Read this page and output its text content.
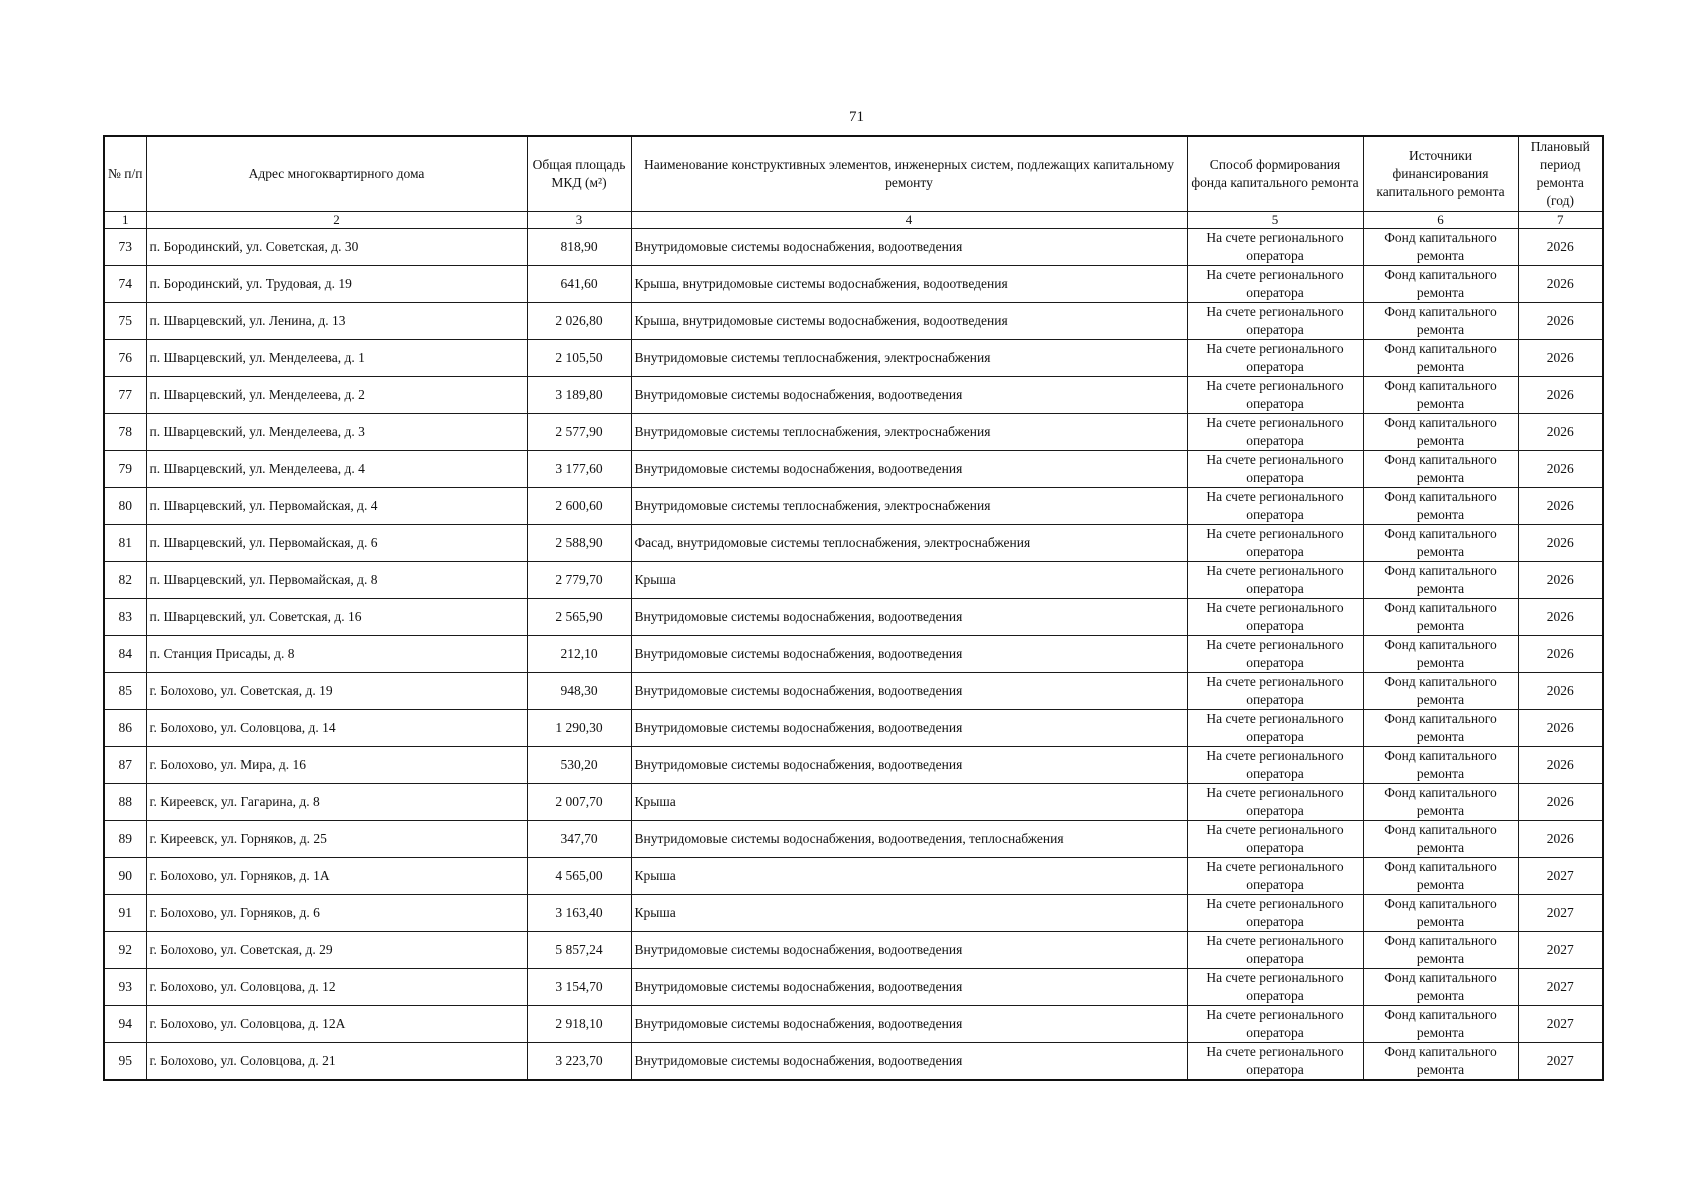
71
№ п/п	Адрес многоквартирного дома	Общая площадь МКД (м²)	Наименование конструктивных элементов, инженерных систем, подлежащих капитальному ремонту	Способ формирования фонда капитального ремонта	Источники финансирования капитального ремонта	Плановый период ремонта (год)
1	2	3	4	5	6	7
73	п. Бородинский, ул. Советская, д. 30	818,90	Внутридомовые системы водоснабжения, водоотведения	На счете регионального оператора	Фонд капитального ремонта	2026
74	п. Бородинский, ул. Трудовая, д. 19	641,60	Крыша, внутридомовые системы водоснабжения, водоотведения	На счете регионального оператора	Фонд капитального ремонта	2026
75	п. Шварцевский, ул. Ленина, д. 13	2 026,80	Крыша, внутридомовые системы водоснабжения, водоотведения	На счете регионального оператора	Фонд капитального ремонта	2026
76	п. Шварцевский, ул. Менделеева, д. 1	2 105,50	Внутридомовые системы теплоснабжения, электроснабжения	На счете регионального оператора	Фонд капитального ремонта	2026
77	п. Шварцевский, ул. Менделеева, д. 2	3 189,80	Внутридомовые системы водоснабжения, водоотведения	На счете регионального оператора	Фонд капитального ремонта	2026
78	п. Шварцевский, ул. Менделеева, д. 3	2 577,90	Внутридомовые системы теплоснабжения, электроснабжения	На счете регионального оператора	Фонд капитального ремонта	2026
79	п. Шварцевский, ул. Менделеева, д. 4	3 177,60	Внутридомовые системы водоснабжения, водоотведения	На счете регионального оператора	Фонд капитального ремонта	2026
80	п. Шварцевский, ул. Первомайская, д. 4	2 600,60	Внутридомовые системы теплоснабжения, электроснабжения	На счете регионального оператора	Фонд капитального ремонта	2026
81	п. Шварцевский, ул. Первомайская, д. 6	2 588,90	Фасад, внутридомовые системы теплоснабжения, электроснабжения	На счете регионального оператора	Фонд капитального ремонта	2026
82	п. Шварцевский, ул. Первомайская, д. 8	2 779,70	Крыша	На счете регионального оператора	Фонд капитального ремонта	2026
83	п. Шварцевский, ул. Советская, д. 16	2 565,90	Внутридомовые системы водоснабжения, водоотведения	На счете регионального оператора	Фонд капитального ремонта	2026
84	п. Станция Присады, д. 8	212,10	Внутридомовые системы водоснабжения, водоотведения	На счете регионального оператора	Фонд капитального ремонта	2026
85	г. Болохово, ул. Советская, д. 19	948,30	Внутридомовые системы водоснабжения, водоотведения	На счете регионального оператора	Фонд капитального ремонта	2026
86	г. Болохово, ул. Соловцова, д. 14	1 290,30	Внутридомовые системы водоснабжения, водоотведения	На счете регионального оператора	Фонд капитального ремонта	2026
87	г. Болохово, ул. Мира, д. 16	530,20	Внутридомовые системы водоснабжения, водоотведения	На счете регионального оператора	Фонд капитального ремонта	2026
88	г. Киреевск, ул. Гагарина, д. 8	2 007,70	Крыша	На счете регионального оператора	Фонд капитального ремонта	2026
89	г. Киреевск, ул. Горняков, д. 25	347,70	Внутридомовые системы водоснабжения, водоотведения, теплоснабжения	На счете регионального оператора	Фонд капитального ремонта	2026
90	г. Болохово, ул. Горняков, д. 1А	4 565,00	Крыша	На счете регионального оператора	Фонд капитального ремонта	2027
91	г. Болохово, ул. Горняков, д. 6	3 163,40	Крыша	На счете регионального оператора	Фонд капитального ремонта	2027
92	г. Болохово, ул. Советская, д. 29	5 857,24	Внутридомовые системы водоснабжения, водоотведения	На счете регионального оператора	Фонд капитального ремонта	2027
93	г. Болохово, ул. Соловцова, д. 12	3 154,70	Внутридомовые системы водоснабжения, водоотведения	На счете регионального оператора	Фонд капитального ремонта	2027
94	г. Болохово, ул. Соловцова, д. 12А	2 918,10	Внутридомовые системы водоснабжения, водоотведения	На счете регионального оператора	Фонд капитального ремонта	2027
95	г. Болохово, ул. Соловцова, д. 21	3 223,70	Внутридомовые системы водоснабжения, водоотведения	На счете регионального оператора	Фонд капитального ремонта	2027
